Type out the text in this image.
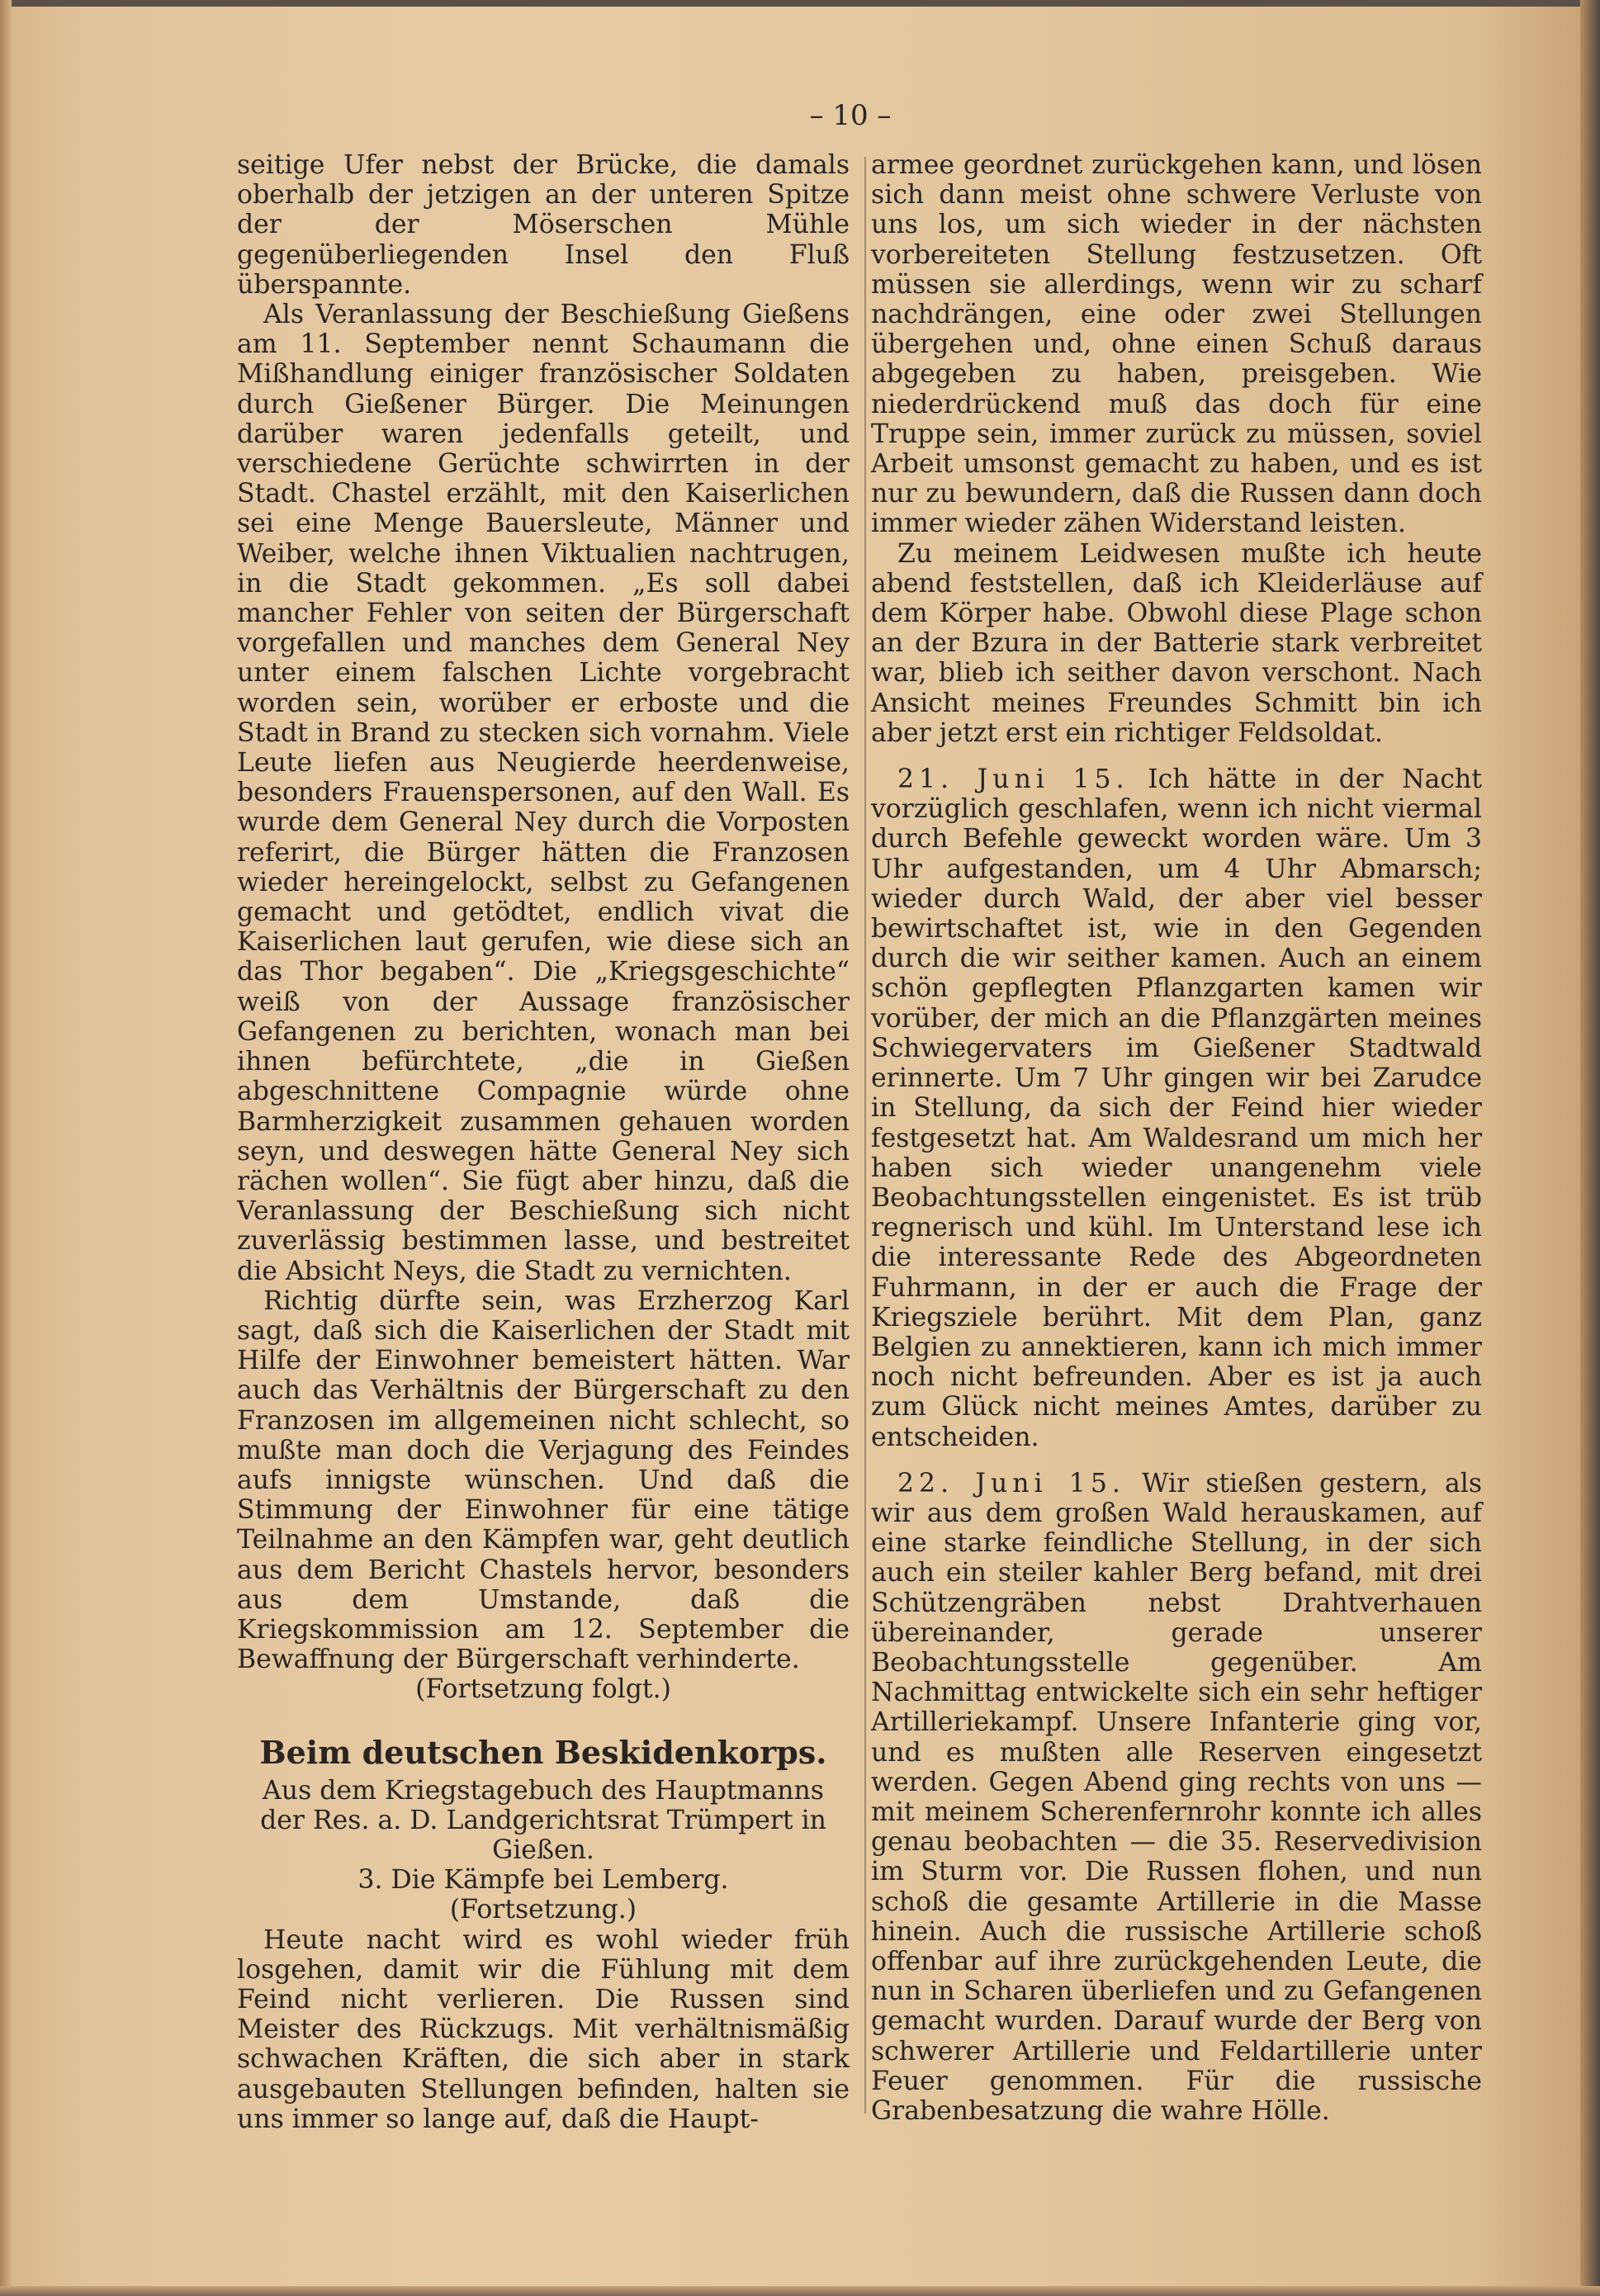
– 10 –

seitige Ufer nebst der Brücke, die damals oberhalb der jetzigen an der unteren Spitze der der Möserschen Mühle gegenüberliegenden Insel den Fluß überspannte.

Als Veranlassung der Beschießung Gießens am 11. September nennt Schaumann die Mißhandlung einiger französischer Soldaten durch Gießener Bürger. Die Meinungen darüber waren jedenfalls geteilt, und verschiedene Gerüchte schwirrten in der Stadt. Chastel erzählt, mit den Kaiserlichen sei eine Menge Bauersleute, Männer und Weiber, welche ihnen Viktualien nachtrugen, in die Stadt gekommen. „Es soll dabei mancher Fehler von seiten der Bürgerschaft vorgefallen und manches dem General Ney unter einem falschen Lichte vorgebracht worden sein, worüber er erboste und die Stadt in Brand zu stecken sich vornahm. Viele Leute liefen aus Neugierde heerdenweise, besonders Frauenspersonen, auf den Wall. Es wurde dem General Ney durch die Vorposten referirt, die Bürger hätten die Franzosen wieder hereingelockt, selbst zu Gefangenen gemacht und getödtet, endlich vivat die Kaiserlichen laut gerufen, wie diese sich an das Thor begaben“. Die „Kriegsgeschichte“ weiß von der Aussage französischer Gefangenen zu berichten, wonach man bei ihnen befürchtete, „die in Gießen abgeschnittene Compagnie würde ohne Barmherzigkeit zusammen gehauen worden seyn, und deswegen hätte General Ney sich rächen wollen“. Sie fügt aber hinzu, daß die Veranlassung der Beschießung sich nicht zuverlässig bestimmen lasse, und bestreitet die Absicht Neys, die Stadt zu vernichten.

Richtig dürfte sein, was Erzherzog Karl sagt, daß sich die Kaiserlichen der Stadt mit Hilfe der Einwohner bemeistert hätten. War auch das Verhältnis der Bürgerschaft zu den Franzosen im allgemeinen nicht schlecht, so mußte man doch die Verjagung des Feindes aufs innigste wünschen. Und daß die Stimmung der Einwohner für eine tätige Teilnahme an den Kämpfen war, geht deutlich aus dem Bericht Chastels hervor, besonders aus dem Umstande, daß die Kriegskommission am 12. September die Bewaffnung der Bürgerschaft verhinderte.

(Fortsetzung folgt.)

Beim deutschen Beskidenkorps.

Aus dem Kriegstagebuch des Hauptmanns der Res. a. D. Landgerichtsrat Trümpert in Gießen.

3. Die Kämpfe bei Lemberg.

(Fortsetzung.)

Heute nacht wird es wohl wieder früh losgehen, damit wir die Fühlung mit dem Feind nicht verlieren. Die Russen sind Meister des Rückzugs. Mit verhältnismäßig schwachen Kräften, die sich aber in stark ausgebauten Stellungen befinden, halten sie uns immer so lange auf, daß die Haupt-

armee geordnet zurückgehen kann, und lösen sich dann meist ohne schwere Verluste von uns los, um sich wieder in der nächsten vorbereiteten Stellung festzusetzen. Oft müssen sie allerdings, wenn wir zu scharf nachdrängen, eine oder zwei Stellungen übergehen und, ohne einen Schuß daraus abgegeben zu haben, preisgeben. Wie niederdrückend muß das doch für eine Truppe sein, immer zurück zu müssen, soviel Arbeit umsonst gemacht zu haben, und es ist nur zu bewundern, daß die Russen dann doch immer wieder zähen Widerstand leisten.

Zu meinem Leidwesen mußte ich heute abend feststellen, daß ich Kleiderläuse auf dem Körper habe. Obwohl diese Plage schon an der Bzura in der Batterie stark verbreitet war, blieb ich seither davon verschont. Nach Ansicht meines Freundes Schmitt bin ich aber jetzt erst ein richtiger Feldsoldat.

21. Juni 15. Ich hätte in der Nacht vorzüglich geschlafen, wenn ich nicht viermal durch Befehle geweckt worden wäre. Um 3 Uhr aufgestanden, um 4 Uhr Abmarsch; wieder durch Wald, der aber viel besser bewirtschaftet ist, wie in den Gegenden durch die wir seither kamen. Auch an einem schön gepflegten Pflanzgarten kamen wir vorüber, der mich an die Pflanzgärten meines Schwiegervaters im Gießener Stadtwald erinnerte. Um 7 Uhr gingen wir bei Zarudce in Stellung, da sich der Feind hier wieder festgesetzt hat. Am Waldesrand um mich her haben sich wieder unangenehm viele Beobachtungsstellen eingenistet. Es ist trüb regnerisch und kühl. Im Unterstand lese ich die interessante Rede des Abgeordneten Fuhrmann, in der er auch die Frage der Kriegsziele berührt. Mit dem Plan, ganz Belgien zu annektieren, kann ich mich immer noch nicht befreunden. Aber es ist ja auch zum Glück nicht meines Amtes, darüber zu entscheiden.

22. Juni 15. Wir stießen gestern, als wir aus dem großen Wald herauskamen, auf eine starke feindliche Stellung, in der sich auch ein steiler kahler Berg befand, mit drei Schützengräben nebst Drahtverhauen übereinander, gerade unserer Beobachtungsstelle gegenüber. Am Nachmittag entwickelte sich ein sehr heftiger Artilleriekampf. Unsere Infanterie ging vor, und es mußten alle Reserven eingesetzt werden. Gegen Abend ging rechts von uns — mit meinem Scherenfernrohr konnte ich alles genau beobachten — die 35. Reservedivision im Sturm vor. Die Russen flohen, und nun schoß die gesamte Artillerie in die Masse hinein. Auch die russische Artillerie schoß offenbar auf ihre zurückgehenden Leute, die nun in Scharen überliefen und zu Gefangenen gemacht wurden. Darauf wurde der Berg von schwerer Artillerie und Feldartillerie unter Feuer genommen. Für die russische Grabenbesatzung die wahre Hölle.
